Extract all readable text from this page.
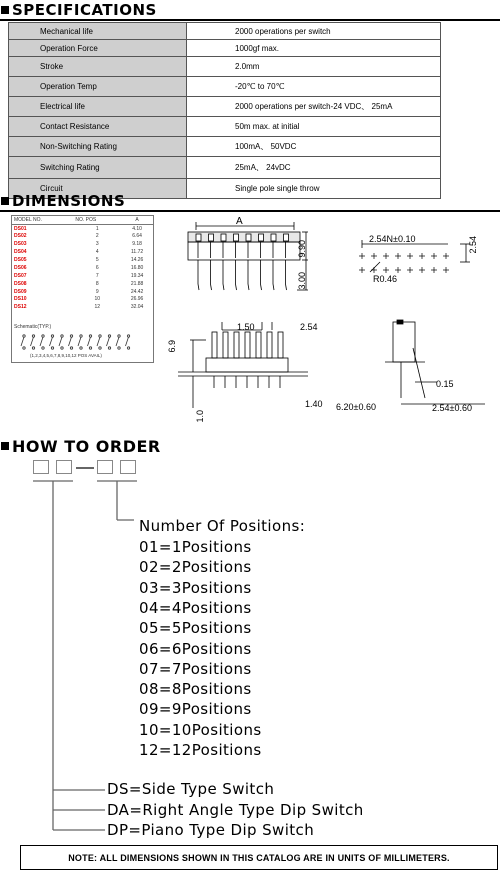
SPECIFICATIONS
Mechanical life	2000 operations per switch
Operation Force	1000gf max.
Stroke	2.0mm
Operation Temp	-20℃ to 70℃
Electrical life	2000 operations per switch-24 VDC、 25mA
Contact Resistance	50m max. at initial
Non-Switching Rating	100mA、 50VDC
Switching Rating	25mA、 24vDC
Circuit	Single pole single throw
DIMENSIONS
MODEL NO.	NO. POS	A
DS01	1	4.10
DS02	2	6.64
DS03	3	9.18
DS04	4	11.72
DS05	5	14.26
DS06	6	16.80
DS07	7	19.34
DS08	8	21.88
DS09	9	24.42
DS10	10	26.96
DS12	12	32.04
Schematic(TYP.)
(1,2,3,4,5,6,7,8,9,10,12 POS AVAIL)
A
9.90
3.00
2.54N±0.10	2.54
R0.46
1.50	2.54
6.9
1.0
1.40
0.15
6.20±0.60	2.54±0.60
HOW TO ORDER
Number Of Positions:
01=1Positions
02=2Positions
03=3Positions
04=4Positions
05=5Positions
06=6Positions
07=7Positions
08=8Positions
09=9Positions
10=10Positions
12=12Positions
DS=Side Type Switch
DA=Right Angle Type Dip Switch
DP=Piano Type Dip Switch
NOTE: ALL DIMENSIONS SHOWN IN THIS CATALOG ARE IN UNITS OF MILLIMETERS.
